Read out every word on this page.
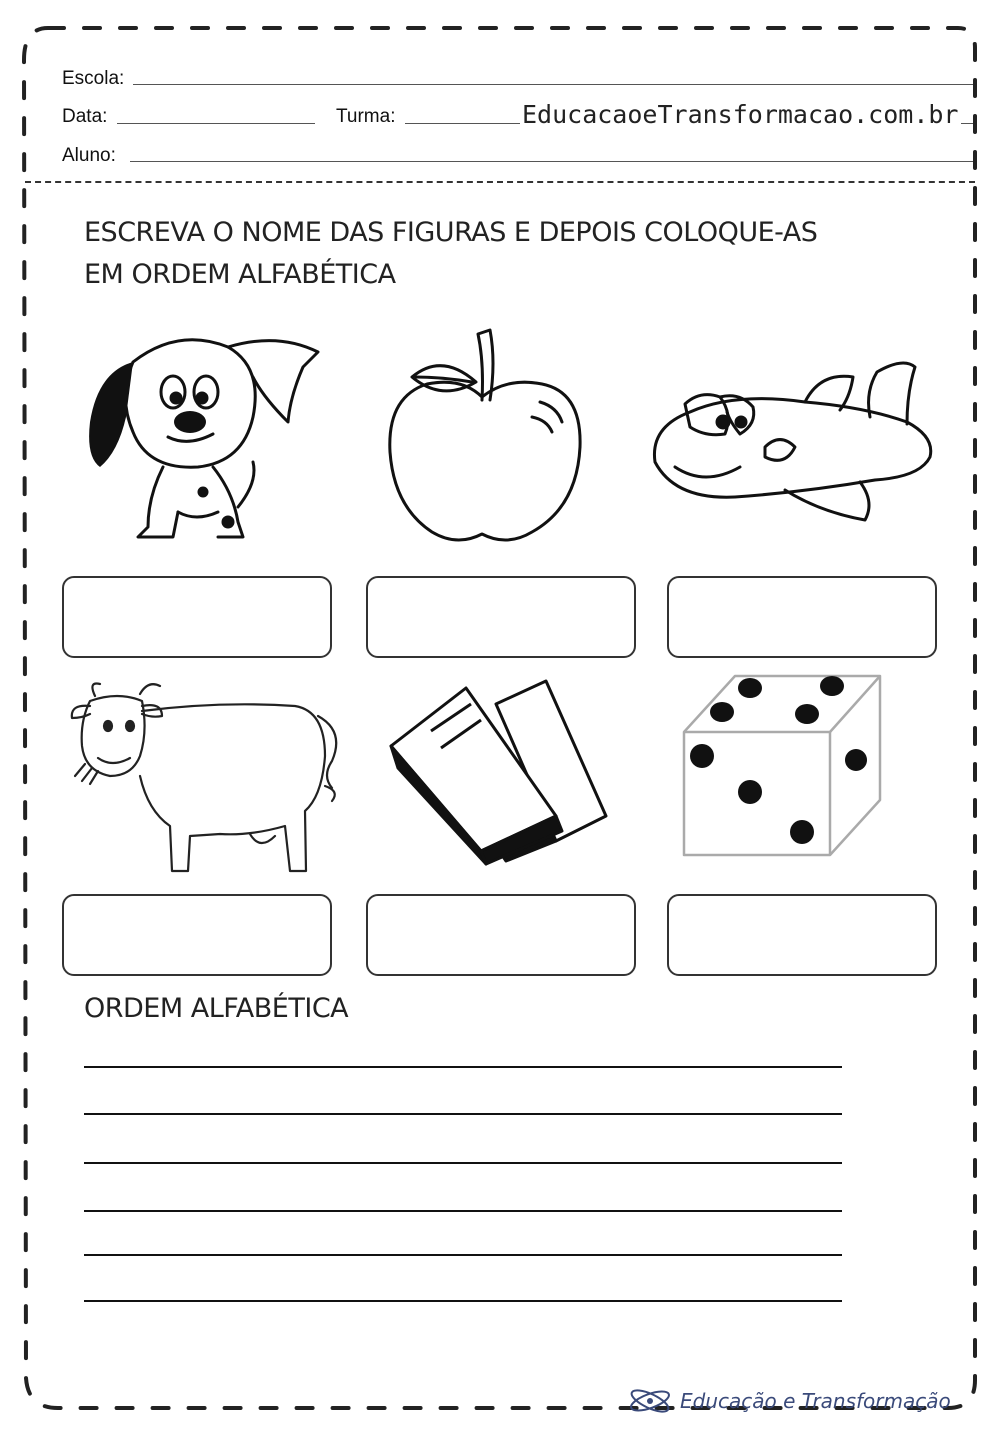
Escola:
Data:	Turma:	EducacaoeTransformacao.com.br
Aluno:
ESCREVA O NOME DAS FIGURAS E DEPOIS COLOQUE-AS
EM ORDEM ALFABÉTICA
ORDEM ALFABÉTICA
Educação e Transformação
